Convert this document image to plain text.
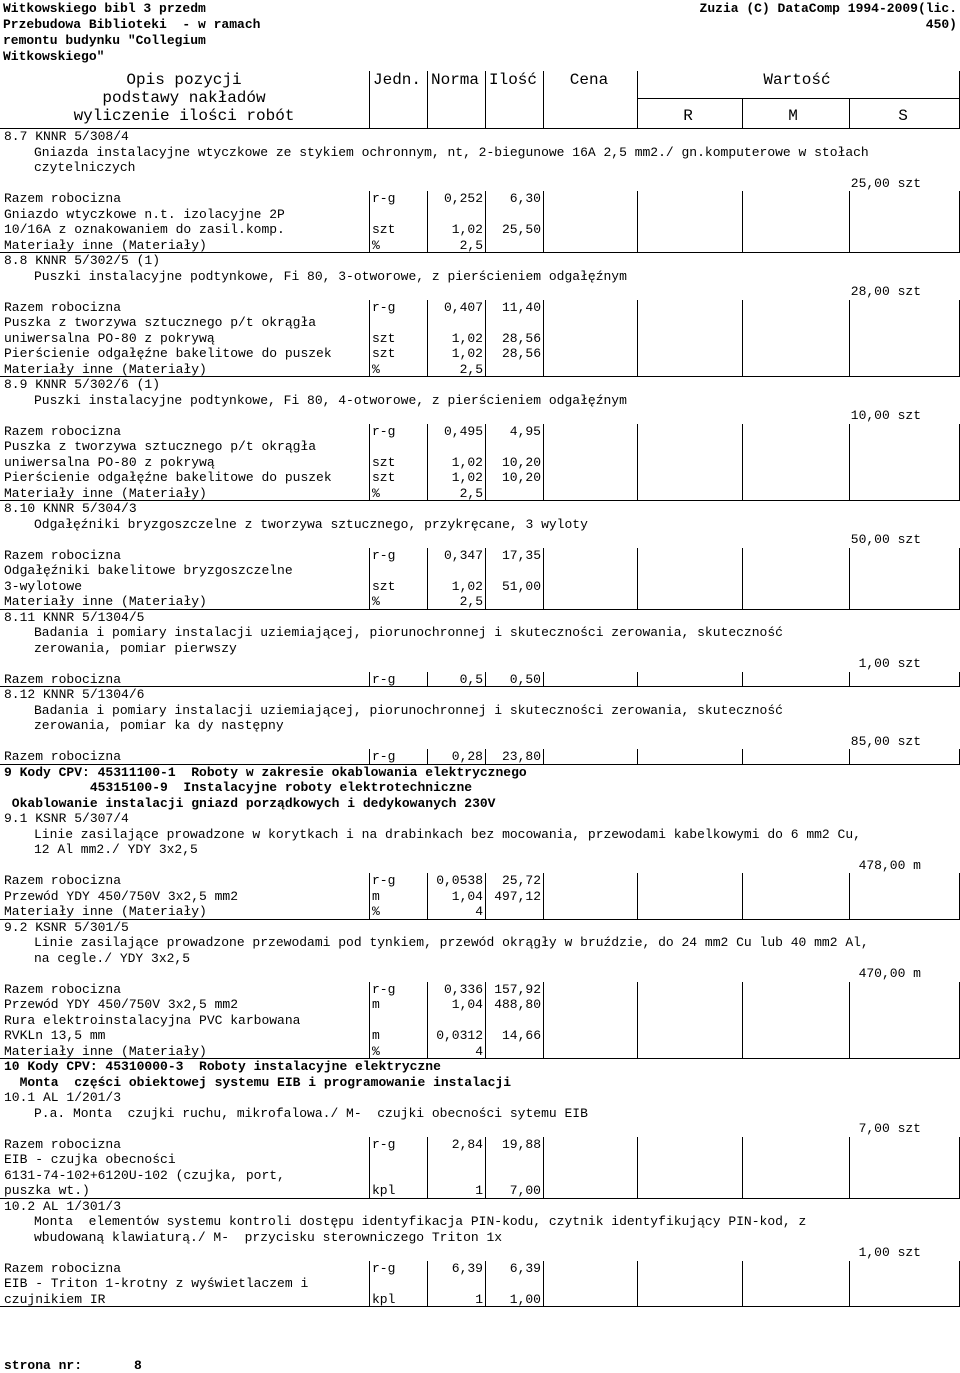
Witkowskiego bibl 3 przedm
Przebudowa Biblioteki  - w ramach
remontu budynku "Collegium
Witkowskiego"
Zuzia (C) DataComp 1994-2009(lic.
450)
Opis pozycji
podstawy nakładów
wyliczenie ilości robót
Jedn. Norma Ilość	Cena	Wartość
R	M	S
8.7 KNNR 5/308/4
Gniazda instalacyjne wtyczkowe ze stykiem ochronnym, nt, 2-biegunowe 16A 2,5 mm2./ gn.komputerowe w stołach
czytelniczych
25,00 szt
Razem robocizna	r-g	0,252	6,30
Gniazdo wtyczkowe n.t. izolacyjne 2P
10/16A z oznakowaniem do zasil.komp.	szt	1,02	25,50
Materiały inne (Materiały)	%	2,5
8.8 KNNR 5/302/5 (1)
Puszki instalacyjne podtynkowe, Fi 80, 3-otworowe, z pierścieniem odgałęźnym
28,00 szt
Razem robocizna	r-g	0,407	11,40
Puszka z tworzywa sztucznego p/t okrągła
uniwersalna PO-80 z pokrywą	szt	1,02	28,56
Pierścienie odgałęźne bakelitowe do puszek	szt	1,02	28,56
Materiały inne (Materiały)	%	2,5
8.9 KNNR 5/302/6 (1)
Puszki instalacyjne podtynkowe, Fi 80, 4-otworowe, z pierścieniem odgałęźnym
10,00 szt
Razem robocizna	r-g	0,495	4,95
Puszka z tworzywa sztucznego p/t okrągła
uniwersalna PO-80 z pokrywą	szt	1,02	10,20
Pierścienie odgałęźne bakelitowe do puszek	szt	1,02	10,20
Materiały inne (Materiały)	%	2,5
8.10 KNNR 5/304/3
Odgałęźniki bryzgoszczelne z tworzywa sztucznego, przykręcane, 3 wyloty
50,00 szt
Razem robocizna	r-g	0,347	17,35
Odgałęźniki bakelitowe bryzgoszczelne
3-wylotowe	szt	1,02	51,00
Materiały inne (Materiały)	%	2,5
8.11 KNNR 5/1304/5
Badania i pomiary instalacji uziemiającej, piorunochronnej i skuteczności zerowania, skuteczność
zerowania, pomiar pierwszy
1,00 szt
Razem robocizna	r-g	0,5	0,50
8.12 KNNR 5/1304/6
Badania i pomiary instalacji uziemiającej, piorunochronnej i skuteczności zerowania, skuteczność
zerowania, pomiar ka dy następny
85,00 szt
Razem robocizna	r-g	0,28	23,80
9 Kody CPV: 45311100-1  Roboty w zakresie okablowania elektrycznego
45315100-9  Instalacyjne roboty elektrotechniczne
Okablowanie instalacji gniazd porządkowych i dedykowanych 230V
9.1 KSNR 5/307/4
Linie zasilające prowadzone w korytkach i na drabinkach bez mocowania, przewodami kabelkowymi do 6 mm2 Cu,
12 Al mm2./ YDY 3x2,5
478,00 m
Razem robocizna	r-g	0,0538	25,72
Przewód YDY 450/750V 3x2,5 mm2	m	1,04 497,12
Materiały inne (Materiały)	%	4
9.2 KSNR 5/301/5
Linie zasilające prowadzone przewodami pod tynkiem, przewód okrągły w bruździe, do 24 mm2 Cu lub 40 mm2 Al,
na cegle./ YDY 3x2,5
470,00 m
Razem robocizna	r-g	0,336 157,92
Przewód YDY 450/750V 3x2,5 mm2	m	1,04 488,80
Rura elektroinstalacyjna PVC karbowana
RVKLn 13,5 mm	m	0,0312	14,66
Materiały inne (Materiały)	%	4
10 Kody CPV: 45310000-3  Roboty instalacyjne elektryczne
Monta  części obiektowej systemu EIB i programowanie instalacji
10.1 AL 1/201/3
P.a. Monta  czujki ruchu, mikrofalowa./ M-  czujki obecności sytemu EIB
7,00 szt
Razem robocizna	r-g	2,84	19,88
EIB - czujka obecności
6131-74-102+6120U-102 (czujka, port,
puszka wt.)	kpl	1	7,00
10.2 AL 1/301/3
Monta  elementów systemu kontroli dostępu identyfikacja PIN-kodu, czytnik identyfikujący PIN-kod, z
wbudowaną klawiaturą./ M-  przycisku sterowniczego Triton 1x
1,00 szt
Razem robocizna	r-g	6,39	6,39
EIB - Triton 1-krotny z wyświetlaczem i
czujnikiem IR	kpl	1	1,00
strona nr:	8
